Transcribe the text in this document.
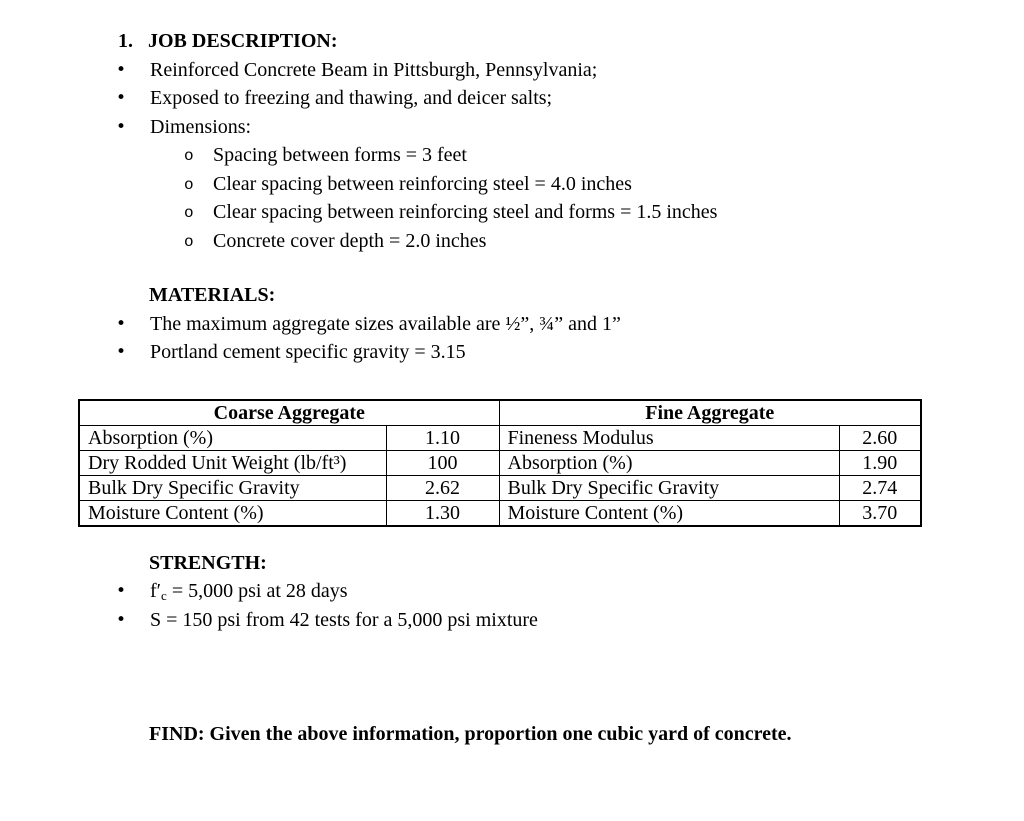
1. JOB DESCRIPTION:
• Reinforced Concrete Beam in Pittsburgh, Pennsylvania;
• Exposed to freezing and thawing, and deicer salts;
• Dimensions:
o Spacing between forms = 3 feet
o Clear spacing between reinforcing steel = 4.0 inches
o Clear spacing between reinforcing steel and forms = 1.5 inches
o Concrete cover depth = 2.0 inches
MATERIALS:
• The maximum aggregate sizes available are ½”, ¾” and 1”
• Portland cement specific gravity = 3.15
Coarse Aggregate		Fine Aggregate	
Absorption (%)	1.10	Fineness Modulus	2.60
Dry Rodded Unit Weight (lb/ft³)	100	Absorption (%)	1.90
Bulk Dry Specific Gravity	2.62	Bulk Dry Specific Gravity	2.74
Moisture Content (%)	1.30	Moisture Content (%)	3.70
STRENGTH:
• $f'_c = 5,000$ psi at 28 days
• S = 150 psi from 42 tests for a 5,000 psi mixture
FIND: Given the above information, proportion one cubic yard of concrete.
